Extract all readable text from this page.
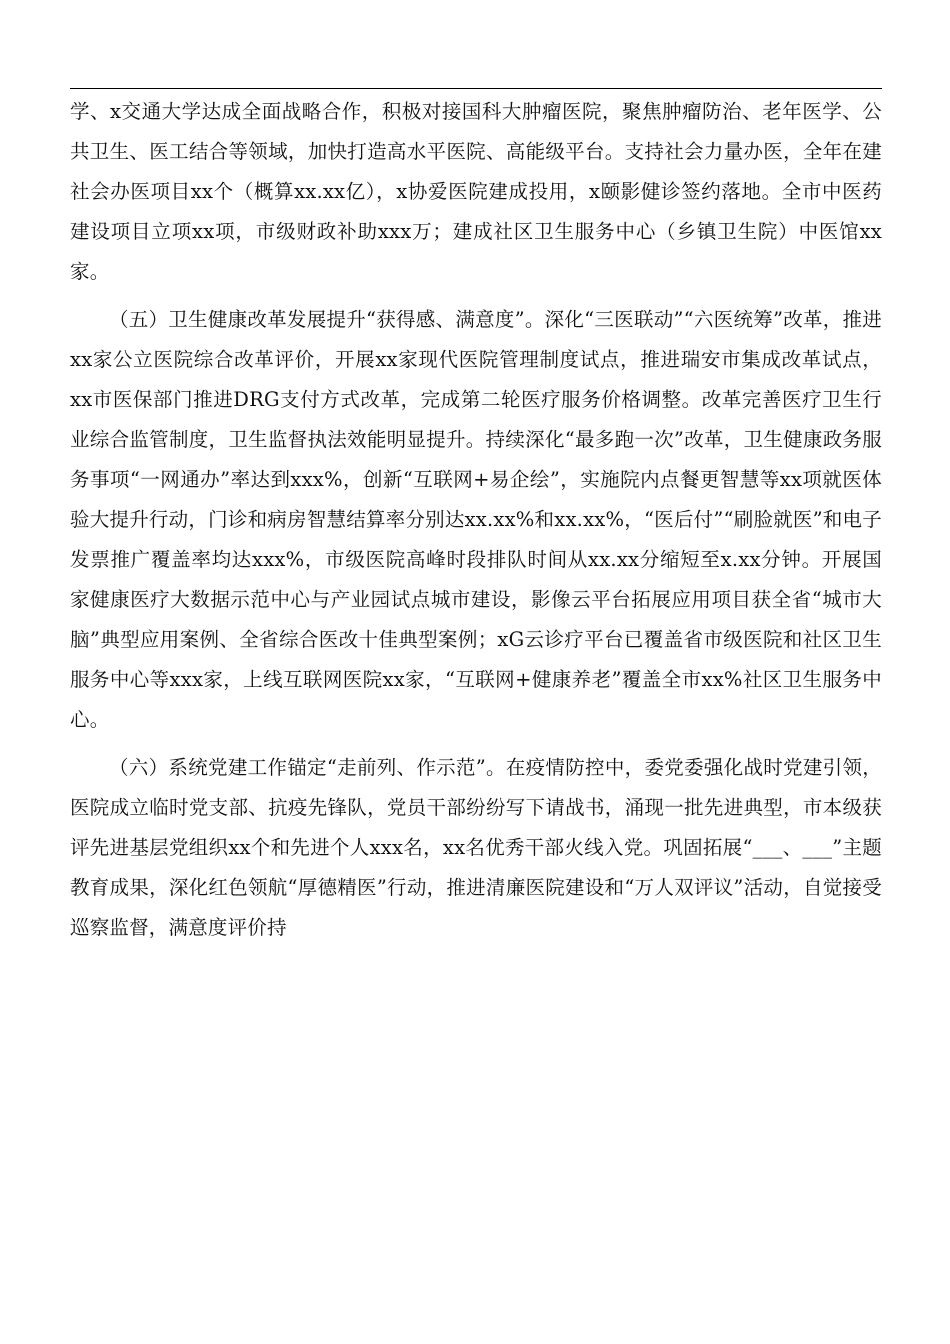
学、x交通大学达成全面战略合作，积极对接国科大肿瘤医院，聚焦肿瘤防治、老年医学、公共卫生、医工结合等领域，加快打造高水平医院、高能级平台。支持社会力量办医，全年在建社会办医项目xx个（概算xx.xx亿），x协爱医院建成投用，x颐影健诊签约落地。全市中医药建设项目立项xx项，市级财政补助xxx万；建成社区卫生服务中心（乡镇卫生院）中医馆xx家。

（五）卫生健康改革发展提升“获得感、满意度”。深化“三医联动”“六医统筹”改革，推进xx家公立医院综合改革评价，开展xx家现代医院管理制度试点，推进瑞安市集成改革试点，xx市医保部门推进DRG支付方式改革，完成第二轮医疗服务价格调整。改革完善医疗卫生行业综合监管制度，卫生监督执法效能明显提升。持续深化“最多跑一次”改革，卫生健康政务服务事项“一网通办”率达到xxx%，创新“互联网+易企绘”，实施院内点餐更智慧等xx项就医体验大提升行动，门诊和病房智慧结算率分别达xx.xx%和xx.xx%，“医后付”“刷脸就医”和电子发票推广覆盖率均达xxx%，市级医院高峰时段排队时间从xx.xx分缩短至x.xx分钟。开展国家健康医疗大数据示范中心与产业园试点城市建设，影像云平台拓展应用项目获全省“城市大脑”典型应用案例、全省综合医改十佳典型案例；xG云诊疗平台已覆盖省市级医院和社区卫生服务中心等xxx家，上线互联网医院xx家，“互联网+健康养老”覆盖全市xx%社区卫生服务中心。

（六）系统党建工作锚定“走前列、作示范”。在疫情防控中，委党委强化战时党建引领，医院成立临时党支部、抗疫先锋队，党员干部纷纷写下请战书，涌现一批先进典型，市本级获评先进基层党组织xx个和先进个人xxx名，xx名优秀干部火线入党。巩固拓展“___、___”主题教育成果，深化红色领航“厚德精医”行动，推进清廉医院建设和“万人双评议”活动，自觉接受巡察监督，满意度评价持
